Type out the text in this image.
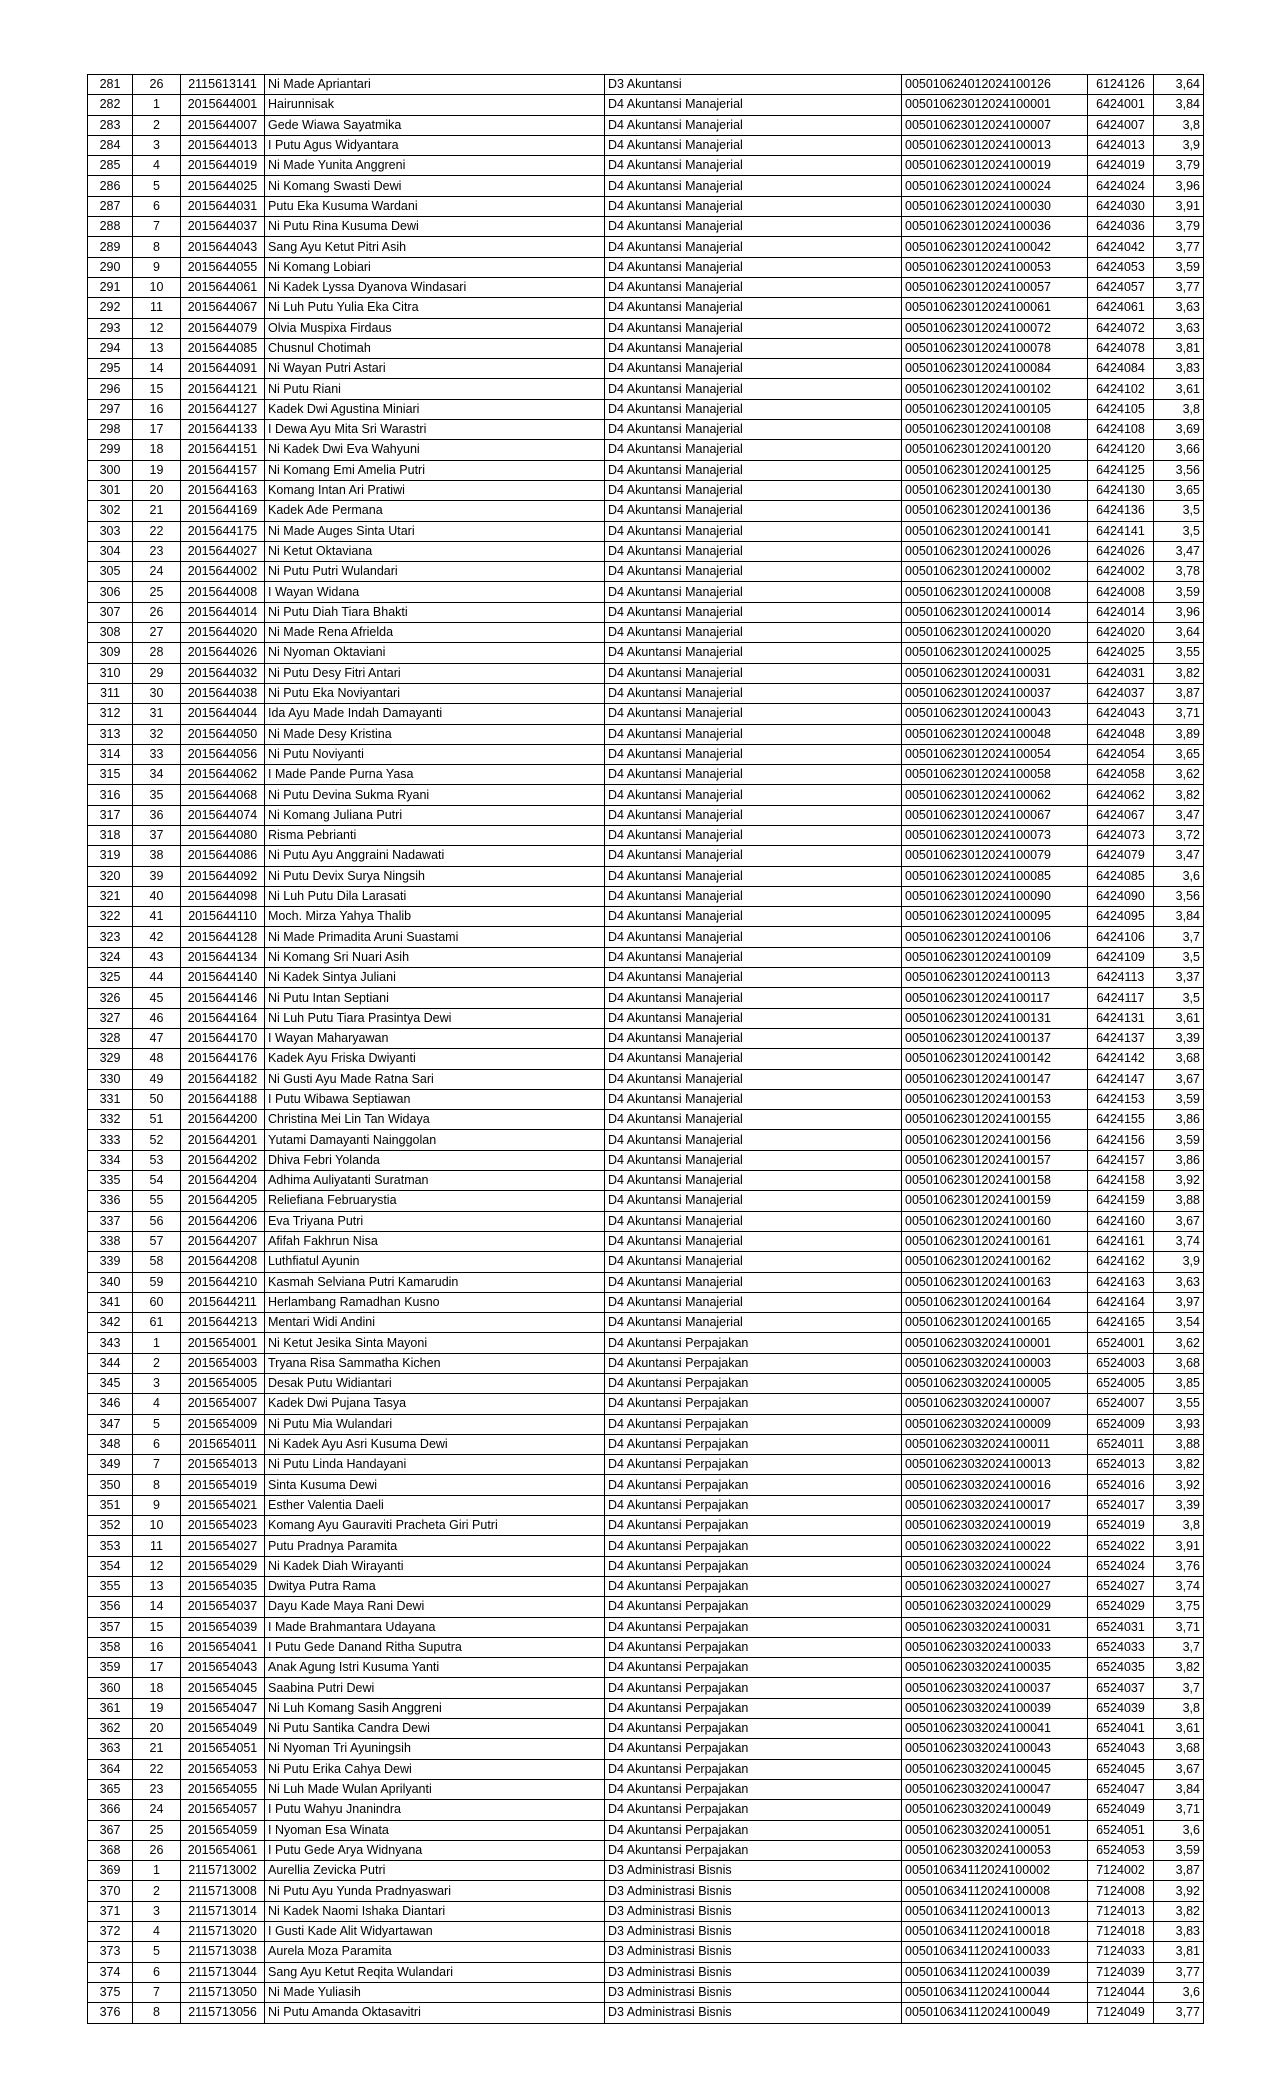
281	26	2115613141	Ni Made Apriantari	D3 Akuntansi	005010624012024100126	6124126	3,64
282	1	2015644001	Hairunnisak	D4 Akuntansi Manajerial	005010623012024100001	6424001	3,84
283	2	2015644007	Gede Wiawa Sayatmika	D4 Akuntansi Manajerial	005010623012024100007	6424007	3,8
284	3	2015644013	I Putu Agus Widyantara	D4 Akuntansi Manajerial	005010623012024100013	6424013	3,9
285	4	2015644019	Ni Made Yunita Anggreni	D4 Akuntansi Manajerial	005010623012024100019	6424019	3,79
286	5	2015644025	Ni Komang Swasti Dewi	D4 Akuntansi Manajerial	005010623012024100024	6424024	3,96
287	6	2015644031	Putu Eka Kusuma Wardani	D4 Akuntansi Manajerial	005010623012024100030	6424030	3,91
288	7	2015644037	Ni Putu Rina Kusuma Dewi	D4 Akuntansi Manajerial	005010623012024100036	6424036	3,79
289	8	2015644043	Sang Ayu Ketut Pitri Asih	D4 Akuntansi Manajerial	005010623012024100042	6424042	3,77
290	9	2015644055	Ni Komang Lobiari	D4 Akuntansi Manajerial	005010623012024100053	6424053	3,59
291	10	2015644061	Ni Kadek Lyssa Dyanova Windasari	D4 Akuntansi Manajerial	005010623012024100057	6424057	3,77
292	11	2015644067	Ni Luh Putu Yulia Eka Citra	D4 Akuntansi Manajerial	005010623012024100061	6424061	3,63
293	12	2015644079	Olvia Muspixa Firdaus	D4 Akuntansi Manajerial	005010623012024100072	6424072	3,63
294	13	2015644085	Chusnul Chotimah	D4 Akuntansi Manajerial	005010623012024100078	6424078	3,81
295	14	2015644091	Ni Wayan Putri Astari	D4 Akuntansi Manajerial	005010623012024100084	6424084	3,83
296	15	2015644121	Ni Putu Riani	D4 Akuntansi Manajerial	005010623012024100102	6424102	3,61
297	16	2015644127	Kadek Dwi Agustina Miniari	D4 Akuntansi Manajerial	005010623012024100105	6424105	3,8
298	17	2015644133	I Dewa Ayu Mita Sri Warastri	D4 Akuntansi Manajerial	005010623012024100108	6424108	3,69
299	18	2015644151	Ni Kadek Dwi Eva Wahyuni	D4 Akuntansi Manajerial	005010623012024100120	6424120	3,66
300	19	2015644157	Ni Komang Emi Amelia Putri	D4 Akuntansi Manajerial	005010623012024100125	6424125	3,56
301	20	2015644163	Komang Intan Ari Pratiwi	D4 Akuntansi Manajerial	005010623012024100130	6424130	3,65
302	21	2015644169	Kadek Ade Permana	D4 Akuntansi Manajerial	005010623012024100136	6424136	3,5
303	22	2015644175	Ni Made Auges Sinta Utari	D4 Akuntansi Manajerial	005010623012024100141	6424141	3,5
304	23	2015644027	Ni Ketut Oktaviana	D4 Akuntansi Manajerial	005010623012024100026	6424026	3,47
305	24	2015644002	Ni Putu Putri Wulandari	D4 Akuntansi Manajerial	005010623012024100002	6424002	3,78
306	25	2015644008	I Wayan Widana	D4 Akuntansi Manajerial	005010623012024100008	6424008	3,59
307	26	2015644014	Ni Putu Diah Tiara Bhakti	D4 Akuntansi Manajerial	005010623012024100014	6424014	3,96
308	27	2015644020	Ni Made Rena Afrielda	D4 Akuntansi Manajerial	005010623012024100020	6424020	3,64
309	28	2015644026	Ni Nyoman Oktaviani	D4 Akuntansi Manajerial	005010623012024100025	6424025	3,55
310	29	2015644032	Ni Putu Desy Fitri Antari	D4 Akuntansi Manajerial	005010623012024100031	6424031	3,82
311	30	2015644038	Ni Putu Eka Noviyantari	D4 Akuntansi Manajerial	005010623012024100037	6424037	3,87
312	31	2015644044	Ida Ayu Made Indah Damayanti	D4 Akuntansi Manajerial	005010623012024100043	6424043	3,71
313	32	2015644050	Ni Made Desy Kristina	D4 Akuntansi Manajerial	005010623012024100048	6424048	3,89
314	33	2015644056	Ni Putu Noviyanti	D4 Akuntansi Manajerial	005010623012024100054	6424054	3,65
315	34	2015644062	I Made Pande Purna Yasa	D4 Akuntansi Manajerial	005010623012024100058	6424058	3,62
316	35	2015644068	Ni Putu Devina Sukma Ryani	D4 Akuntansi Manajerial	005010623012024100062	6424062	3,82
317	36	2015644074	Ni Komang Juliana Putri	D4 Akuntansi Manajerial	005010623012024100067	6424067	3,47
318	37	2015644080	Risma Pebrianti	D4 Akuntansi Manajerial	005010623012024100073	6424073	3,72
319	38	2015644086	Ni Putu Ayu Anggraini Nadawati	D4 Akuntansi Manajerial	005010623012024100079	6424079	3,47
320	39	2015644092	Ni Putu Devix Surya Ningsih	D4 Akuntansi Manajerial	005010623012024100085	6424085	3,6
321	40	2015644098	Ni Luh Putu Dila Larasati	D4 Akuntansi Manajerial	005010623012024100090	6424090	3,56
322	41	2015644110	Moch. Mirza Yahya Thalib	D4 Akuntansi Manajerial	005010623012024100095	6424095	3,84
323	42	2015644128	Ni Made Primadita Aruni Suastami	D4 Akuntansi Manajerial	005010623012024100106	6424106	3,7
324	43	2015644134	Ni Komang Sri Nuari Asih	D4 Akuntansi Manajerial	005010623012024100109	6424109	3,5
325	44	2015644140	Ni Kadek Sintya Juliani	D4 Akuntansi Manajerial	005010623012024100113	6424113	3,37
326	45	2015644146	Ni Putu Intan Septiani	D4 Akuntansi Manajerial	005010623012024100117	6424117	3,5
327	46	2015644164	Ni Luh Putu Tiara Prasintya Dewi	D4 Akuntansi Manajerial	005010623012024100131	6424131	3,61
328	47	2015644170	I Wayan Maharyawan	D4 Akuntansi Manajerial	005010623012024100137	6424137	3,39
329	48	2015644176	Kadek Ayu Friska Dwiyanti	D4 Akuntansi Manajerial	005010623012024100142	6424142	3,68
330	49	2015644182	Ni Gusti Ayu Made Ratna Sari	D4 Akuntansi Manajerial	005010623012024100147	6424147	3,67
331	50	2015644188	I Putu Wibawa Septiawan	D4 Akuntansi Manajerial	005010623012024100153	6424153	3,59
332	51	2015644200	Christina Mei Lin Tan Widaya	D4 Akuntansi Manajerial	005010623012024100155	6424155	3,86
333	52	2015644201	Yutami Damayanti Nainggolan	D4 Akuntansi Manajerial	005010623012024100156	6424156	3,59
334	53	2015644202	Dhiva Febri Yolanda	D4 Akuntansi Manajerial	005010623012024100157	6424157	3,86
335	54	2015644204	Adhima Auliyatanti Suratman	D4 Akuntansi Manajerial	005010623012024100158	6424158	3,92
336	55	2015644205	Reliefiana Februarystia	D4 Akuntansi Manajerial	005010623012024100159	6424159	3,88
337	56	2015644206	Eva Triyana Putri	D4 Akuntansi Manajerial	005010623012024100160	6424160	3,67
338	57	2015644207	Afifah Fakhrun Nisa	D4 Akuntansi Manajerial	005010623012024100161	6424161	3,74
339	58	2015644208	Luthfiatul Ayunin	D4 Akuntansi Manajerial	005010623012024100162	6424162	3,9
340	59	2015644210	Kasmah Selviana Putri Kamarudin	D4 Akuntansi Manajerial	005010623012024100163	6424163	3,63
341	60	2015644211	Herlambang Ramadhan Kusno	D4 Akuntansi Manajerial	005010623012024100164	6424164	3,97
342	61	2015644213	Mentari Widi Andini	D4 Akuntansi Manajerial	005010623012024100165	6424165	3,54
343	1	2015654001	Ni Ketut Jesika Sinta Mayoni	D4 Akuntansi Perpajakan	005010623032024100001	6524001	3,62
344	2	2015654003	Tryana Risa Sammatha Kichen	D4 Akuntansi Perpajakan	005010623032024100003	6524003	3,68
345	3	2015654005	Desak Putu Widiantari	D4 Akuntansi Perpajakan	005010623032024100005	6524005	3,85
346	4	2015654007	Kadek Dwi Pujana Tasya	D4 Akuntansi Perpajakan	005010623032024100007	6524007	3,55
347	5	2015654009	Ni Putu Mia Wulandari	D4 Akuntansi Perpajakan	005010623032024100009	6524009	3,93
348	6	2015654011	Ni Kadek Ayu Asri Kusuma Dewi	D4 Akuntansi Perpajakan	005010623032024100011	6524011	3,88
349	7	2015654013	Ni Putu Linda Handayani	D4 Akuntansi Perpajakan	005010623032024100013	6524013	3,82
350	8	2015654019	Sinta Kusuma Dewi	D4 Akuntansi Perpajakan	005010623032024100016	6524016	3,92
351	9	2015654021	Esther Valentia Daeli	D4 Akuntansi Perpajakan	005010623032024100017	6524017	3,39
352	10	2015654023	Komang Ayu Gauraviti Pracheta Giri Putri	D4 Akuntansi Perpajakan	005010623032024100019	6524019	3,8
353	11	2015654027	Putu Pradnya Paramita	D4 Akuntansi Perpajakan	005010623032024100022	6524022	3,91
354	12	2015654029	Ni Kadek Diah Wirayanti	D4 Akuntansi Perpajakan	005010623032024100024	6524024	3,76
355	13	2015654035	Dwitya Putra Rama	D4 Akuntansi Perpajakan	005010623032024100027	6524027	3,74
356	14	2015654037	Dayu Kade Maya Rani Dewi	D4 Akuntansi Perpajakan	005010623032024100029	6524029	3,75
357	15	2015654039	I Made Brahmantara Udayana	D4 Akuntansi Perpajakan	005010623032024100031	6524031	3,71
358	16	2015654041	I Putu Gede Danand Ritha Suputra	D4 Akuntansi Perpajakan	005010623032024100033	6524033	3,7
359	17	2015654043	Anak Agung Istri Kusuma Yanti	D4 Akuntansi Perpajakan	005010623032024100035	6524035	3,82
360	18	2015654045	Saabina Putri Dewi	D4 Akuntansi Perpajakan	005010623032024100037	6524037	3,7
361	19	2015654047	Ni Luh Komang Sasih Anggreni	D4 Akuntansi Perpajakan	005010623032024100039	6524039	3,8
362	20	2015654049	Ni Putu Santika Candra Dewi	D4 Akuntansi Perpajakan	005010623032024100041	6524041	3,61
363	21	2015654051	Ni Nyoman Tri Ayuningsih	D4 Akuntansi Perpajakan	005010623032024100043	6524043	3,68
364	22	2015654053	Ni Putu Erika Cahya Dewi	D4 Akuntansi Perpajakan	005010623032024100045	6524045	3,67
365	23	2015654055	Ni Luh Made Wulan Aprilyanti	D4 Akuntansi Perpajakan	005010623032024100047	6524047	3,84
366	24	2015654057	I Putu Wahyu Jnanindra	D4 Akuntansi Perpajakan	005010623032024100049	6524049	3,71
367	25	2015654059	I Nyoman Esa Winata	D4 Akuntansi Perpajakan	005010623032024100051	6524051	3,6
368	26	2015654061	I Putu Gede Arya Widnyana	D4 Akuntansi Perpajakan	005010623032024100053	6524053	3,59
369	1	2115713002	Aurellia Zevicka Putri	D3 Administrasi Bisnis	005010634112024100002	7124002	3,87
370	2	2115713008	Ni Putu Ayu Yunda Pradnyaswari	D3 Administrasi Bisnis	005010634112024100008	7124008	3,92
371	3	2115713014	Ni Kadek Naomi Ishaka Diantari	D3 Administrasi Bisnis	005010634112024100013	7124013	3,82
372	4	2115713020	I Gusti Kade Alit Widyartawan	D3 Administrasi Bisnis	005010634112024100018	7124018	3,83
373	5	2115713038	Aurela Moza Paramita	D3 Administrasi Bisnis	005010634112024100033	7124033	3,81
374	6	2115713044	Sang Ayu Ketut Reqita Wulandari	D3 Administrasi Bisnis	005010634112024100039	7124039	3,77
375	7	2115713050	Ni Made Yuliasih	D3 Administrasi Bisnis	005010634112024100044	7124044	3,6
376	8	2115713056	Ni Putu Amanda Oktasavitri	D3 Administrasi Bisnis	005010634112024100049	7124049	3,77
